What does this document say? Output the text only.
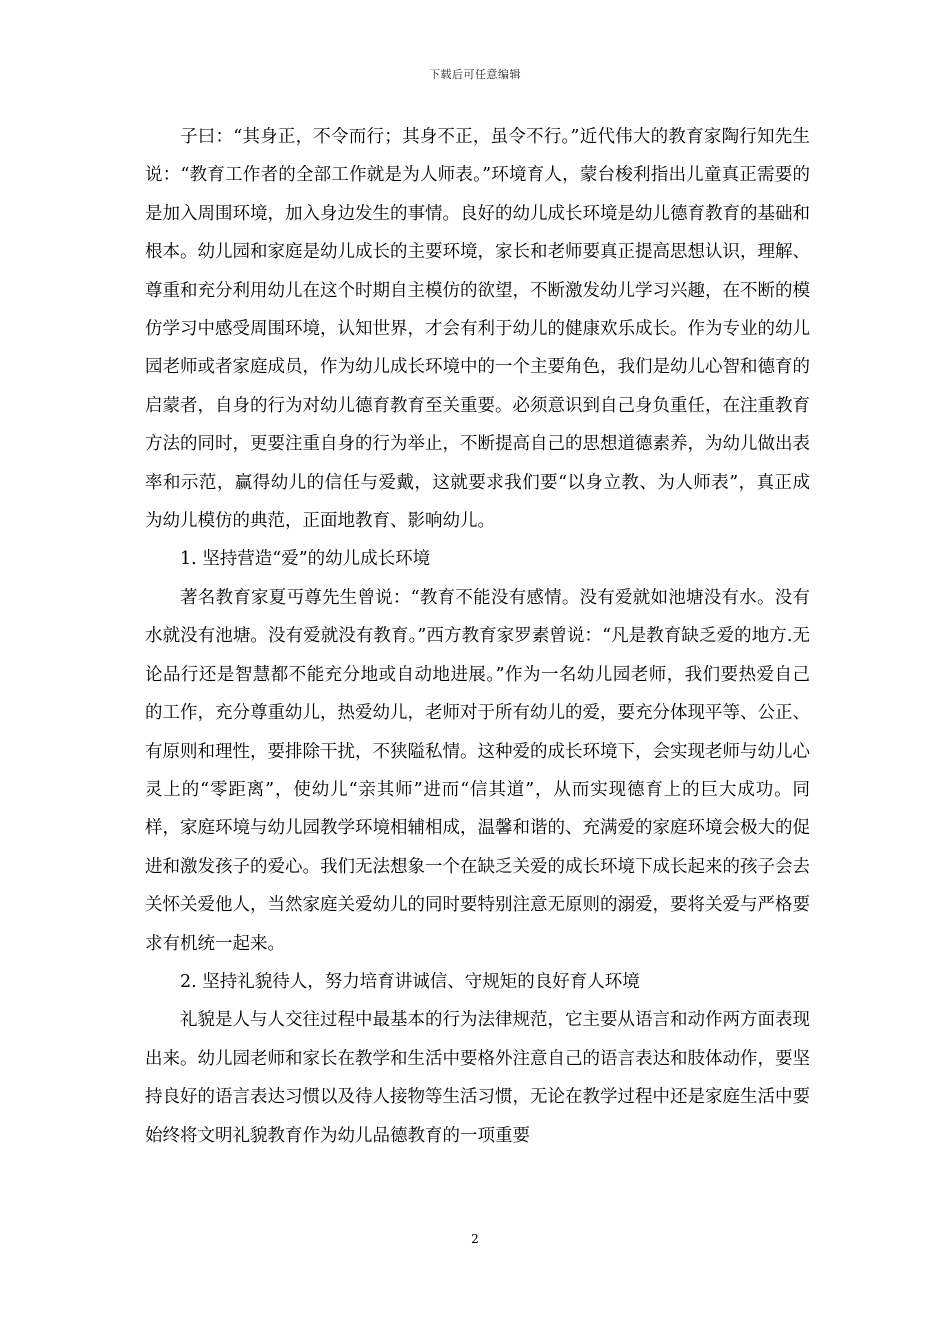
下载后可任意编辑

子曰：“其身正，不令而行；其身不正，虽令不行。”近代伟大的教育家陶行知先生说：“教育工作者的全部工作就是为人师表。”环境育人，蒙台梭利指出儿童真正需要的是加入周围环境，加入身边发生的事情。良好的幼儿成长环境是幼儿德育教育的基础和根本。幼儿园和家庭是幼儿成长的主要环境，家长和老师要真正提高思想认识，理解、尊重和充分利用幼儿在这个时期自主模仿的欲望，不断激发幼儿学习兴趣，在不断的模仿学习中感受周围环境，认知世界，才会有利于幼儿的健康欢乐成长。作为专业的幼儿园老师或者家庭成员，作为幼儿成长环境中的一个主要角色，我们是幼儿心智和德育的启蒙者，自身的行为对幼儿德育教育至关重要。必须意识到自己身负重任，在注重教育方法的同时，更要注重自身的行为举止，不断提高自己的思想道德素养，为幼儿做出表率和示范，赢得幼儿的信任与爱戴，这就要求我们要“以身立教、为人师表”，真正成为幼儿模仿的典范，正面地教育、影响幼儿。

1. 坚持营造“爱”的幼儿成长环境

著名教育家夏丏尊先生曾说：“教育不能没有感情。没有爱就如池塘没有水。没有水就没有池塘。没有爱就没有教育。”西方教育家罗素曾说：“凡是教育缺乏爱的地方.无论品行还是智慧都不能充分地或自动地进展。”作为一名幼儿园老师，我们要热爱自己的工作，充分尊重幼儿，热爱幼儿，老师对于所有幼儿的爱，要充分体现平等、公正、有原则和理性，要排除干扰，不狭隘私情。这种爱的成长环境下，会实现老师与幼儿心灵上的“零距离”，使幼儿“亲其师”进而“信其道”，从而实现德育上的巨大成功。同样，家庭环境与幼儿园教学环境相辅相成，温馨和谐的、充满爱的家庭环境会极大的促进和激发孩子的爱心。我们无法想象一个在缺乏关爱的成长环境下成长起来的孩子会去关怀关爱他人，当然家庭关爱幼儿的同时要特别注意无原则的溺爱，要将关爱与严格要求有机统一起来。

2. 坚持礼貌待人，努力培育讲诚信、守规矩的良好育人环境

礼貌是人与人交往过程中最基本的行为法律规范，它主要从语言和动作两方面表现出来。幼儿园老师和家长在教学和生活中要格外注意自己的语言表达和肢体动作，要坚持良好的语言表达习惯以及待人接物等生活习惯，无论在教学过程中还是家庭生活中要始终将文明礼貌教育作为幼儿品德教育的一项重要

2
